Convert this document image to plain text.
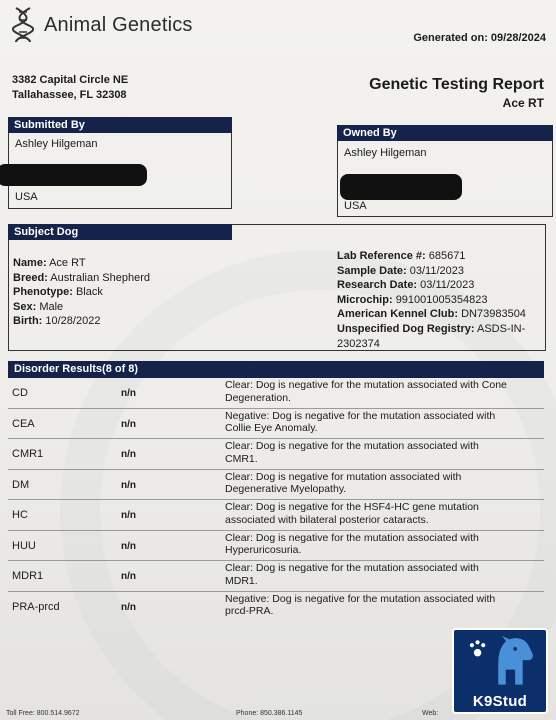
Animal Genetics
Generated on: 09/28/2024
3382 Capital Circle NE
Tallahassee, FL 32308
Genetic Testing Report
Ace RT
Submitted By
Ashley Hilgeman
USA
Owned By
Ashley Hilgeman
USA
Subject Dog
Name: Ace RT
Breed: Australian Shepherd
Phenotype: Black
Sex: Male
Birth: 10/28/2022
Lab Reference #: 685671
Sample Date: 03/11/2023
Research Date: 03/11/2023
Microchip: 991001005354823
American Kennel Club: DN73983504
Unspecified Dog Registry: ASDS-IN-
2302374
Disorder Results(8 of 8)
CD	n/n
Clear: Dog is negative for the mutation associated with Cone
Degeneration.
CEA	n/n
Negative: Dog is negative for the mutation associated with
Collie Eye Anomaly.
CMR1	n/n
Clear: Dog is negative for the mutation associated with
CMR1.
DM	n/n
Clear: Dog is negative for mutation associated with
Degenerative Myelopathy.
HC	n/n
Clear: Dog is negative for the HSF4-HC gene mutation
associated with bilateral posterior cataracts.
HUU	n/n
Clear: Dog is negative for the mutation associated with
Hyperuricosuria.
MDR1	n/n
Clear: Dog is negative for the mutation associated with
MDR1.
PRA-prcd	n/n
Negative: Dog is negative for the mutation associated with
prcd-PRA.
Toll Free: 800.514.9672	Phone: 850.386.1145	Web:
K9Stud
